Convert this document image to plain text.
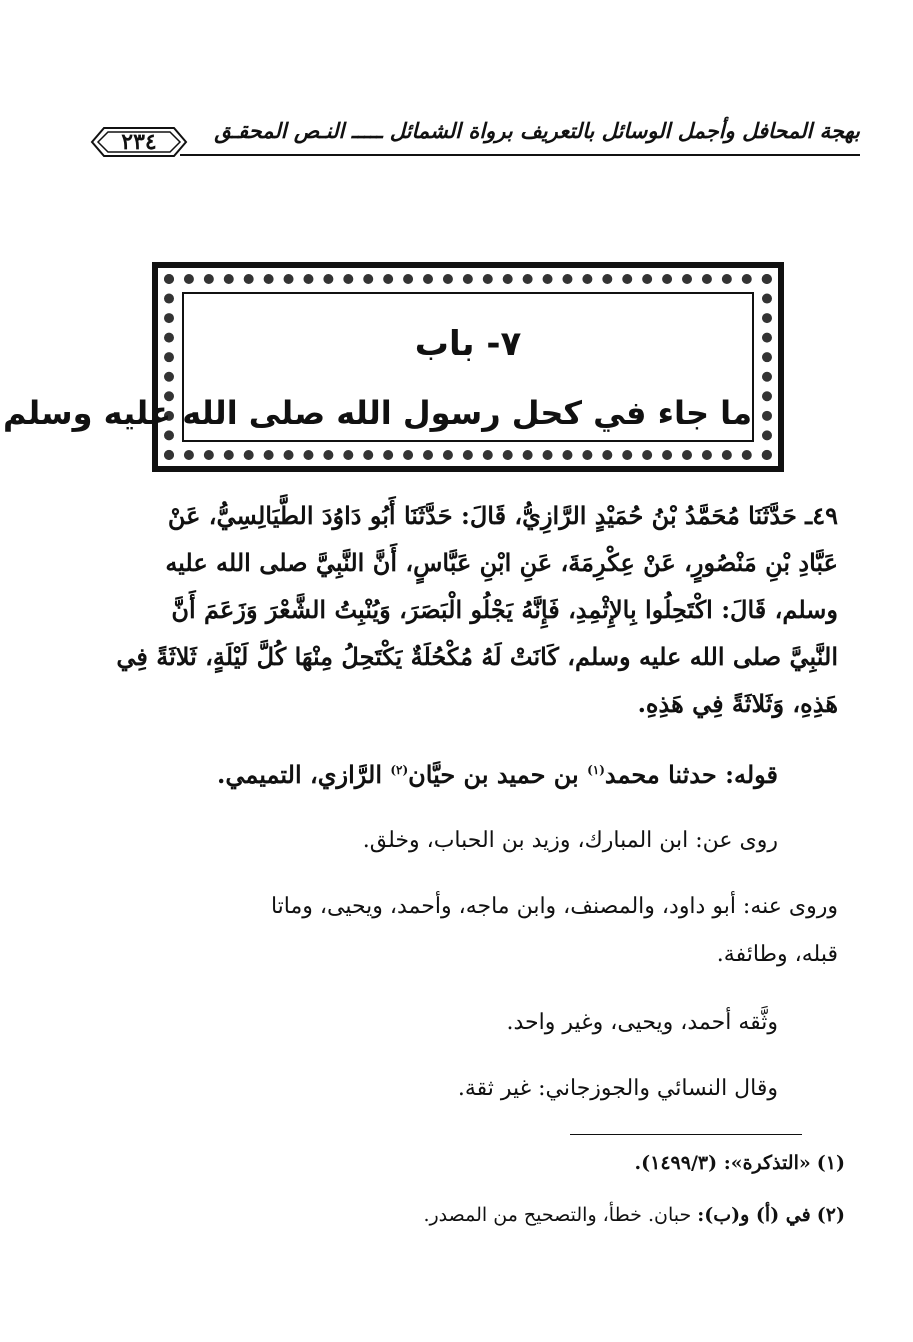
بهجة المحافل وأجمل الوسائل بالتعريف برواة الشمائل ـــــ النـص المحقـق
٢٣٤
٧- باب
ما جاء في كحل رسول الله صلى الله عليه وسلم

٤٩ـ حَدَّثَنَا مُحَمَّدُ بْنُ حُمَيْدٍ الرَّازِيُّ، قَالَ: حَدَّثَنَا أَبُو دَاوُدَ الطَّيَالِسِيُّ، عَنْ

عَبَّادِ بْنِ مَنْصُورٍ، عَنْ عِكْرِمَةَ، عَنِ ابْنِ عَبَّاسٍ، أَنَّ النَّبِيَّ صلى الله عليه

وسلم، قَالَ: اكْتَحِلُوا بِالإِثْمِدِ، فَإِنَّهُ يَجْلُو الْبَصَرَ، وَيُنْبِتُ الشَّعْرَ وَزَعَمَ أَنَّ

النَّبِيَّ صلى الله عليه وسلم، كَانَتْ لَهُ مُكْحُلَةٌ يَكْتَحِلُ مِنْهَا كُلَّ لَيْلَةٍ، ثَلاثَةً فِي

هَذِهِ، وَثَلاثَةً فِي هَذِهِ.

قوله: حدثنا محمد$^{(١)}$ بن حميد بن حيَّان$^{(٢)}$ الرَّازي، التميمي.
روى عن: ابن المبارك، وزيد بن الحباب، وخلق.
وروى عنه: أبو داود، والمصنف، وابن ماجه، وأحمد، ويحيى، وماتا
قبله، وطائفة.
وثَّقه أحمد، ويحيى، وغير واحد.
وقال النسائي والجوزجاني: غير ثقة.
(١) «التذكرة»: (١٤٩٩/٣).
(٢) في (أ) و(ب): حبان. خطأ، والتصحيح من المصدر.
